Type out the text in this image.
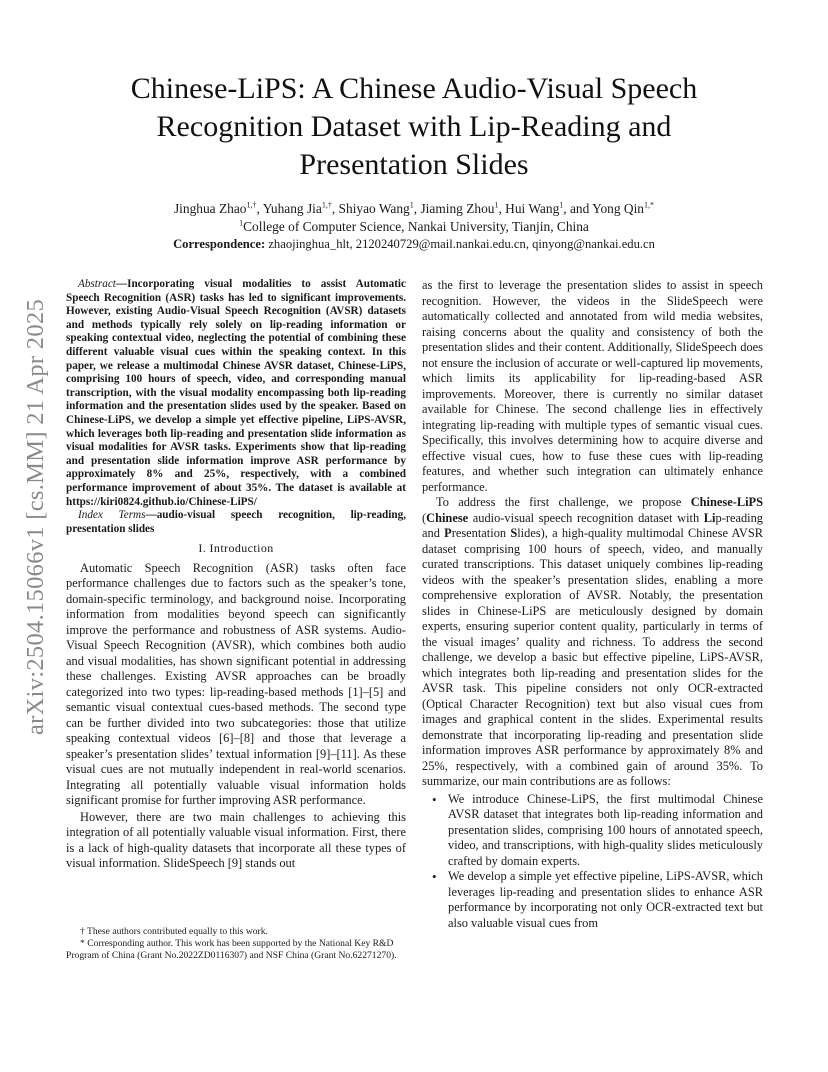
arXiv:2504.15066v1 [cs.MM] 21 Apr 2025
Chinese-LiPS: A Chinese Audio-Visual Speech
Recognition Dataset with Lip-Reading and
Presentation Slides
Jinghua Zhao$^{1,\dagger}$, Yuhang Jia$^{1,\dagger}$, Shiyao Wang$^1$, Jiaming Zhou$^1$, Hui Wang$^1$, and Yong Qin$^{1,*}$
$^1$College of Computer Science, Nankai University, Tianjin, China
Correspondence: zhaojinghua_hlt, 2120240729@mail.nankai.edu.cn, qinyong@nankai.edu.cn

Abstract—Incorporating visual modalities to assist Automatic Speech Recognition (ASR) tasks has led to significant improvements. However, existing Audio-Visual Speech Recognition (AVSR) datasets and methods typically rely solely on lip-reading information or speaking contextual video, neglecting the potential of combining these different valuable visual cues within the speaking context. In this paper, we release a multimodal Chinese AVSR dataset, Chinese-LiPS, comprising 100 hours of speech, video, and corresponding manual transcription, with the visual modality encompassing both lip-reading information and the presentation slides used by the speaker. Based on Chinese-LiPS, we develop a simple yet effective pipeline, LiPS-AVSR, which leverages both lip-reading and presentation slide information as visual modalities for AVSR tasks. Experiments show that lip-reading and presentation slide information improve ASR performance by approximately 8% and 25%, respectively, with a combined performance improvement of about 35%. The dataset is available at https://kiri0824.github.io/Chinese-LiPS/

Index Terms—audio-visual speech recognition, lip-reading, presentation slides

I. Introduction

Automatic Speech Recognition (ASR) tasks often face performance challenges due to factors such as the speaker’s tone, domain-specific terminology, and background noise. Incorporating information from modalities beyond speech can significantly improve the performance and robustness of ASR systems. Audio-Visual Speech Recognition (AVSR), which combines both audio and visual modalities, has shown significant potential in addressing these challenges. Existing AVSR approaches can be broadly categorized into two types: lip-reading-based methods [1]–[5] and semantic visual contextual cues-based methods. The second type can be further divided into two subcategories: those that utilize speaking contextual videos [6]–[8] and those that leverage a speaker’s presentation slides’ textual information [9]–[11]. As these visual cues are not mutually independent in real-world scenarios. Integrating all potentially valuable visual information holds significant promise for further improving ASR performance.

However, there are two main challenges to achieving this integration of all potentially valuable visual information. First, there is a lack of high-quality datasets that incorporate all these types of visual information. SlideSpeech [9] stands out

† These authors contributed equally to this work.

* Corresponding author. This work has been supported by the National Key R&D Program of China (Grant No.2022ZD0116307) and NSF China (Grant No.62271270).

as the first to leverage the presentation slides to assist in speech recognition. However, the videos in the SlideSpeech were automatically collected and annotated from wild media websites, raising concerns about the quality and consistency of both the presentation slides and their content. Additionally, SlideSpeech does not ensure the inclusion of accurate or well-captured lip movements, which limits its applicability for lip-reading-based ASR improvements. Moreover, there is currently no similar dataset available for Chinese. The second challenge lies in effectively integrating lip-reading with multiple types of semantic visual cues. Specifically, this involves determining how to acquire diverse and effective visual cues, how to fuse these cues with lip-reading features, and whether such integration can ultimately enhance performance.

To address the first challenge, we propose Chinese-LiPS (Chinese audio-visual speech recognition dataset with Lip-reading and Presentation Slides), a high-quality multimodal Chinese AVSR dataset comprising 100 hours of speech, video, and manually curated transcriptions. This dataset uniquely combines lip-reading videos with the speaker’s presentation slides, enabling a more comprehensive exploration of AVSR. Notably, the presentation slides in Chinese-LiPS are meticulously designed by domain experts, ensuring superior content quality, particularly in terms of the visual images’ quality and richness. To address the second challenge, we develop a basic but effective pipeline, LiPS-AVSR, which integrates both lip-reading and presentation slides for the AVSR task. This pipeline considers not only OCR-extracted (Optical Character Recognition) text but also visual cues from images and graphical content in the slides. Experimental results demonstrate that incorporating lip-reading and presentation slide information improves ASR performance by approximately 8% and 25%, respectively, with a combined gain of around 35%. To summarize, our main contributions are as follows:

• We introduce Chinese-LiPS, the first multimodal Chinese AVSR dataset that integrates both lip-reading information and presentation slides, comprising 100 hours of annotated speech, video, and transcriptions, with high-quality slides meticulously crafted by domain experts.
• We develop a simple yet effective pipeline, LiPS-AVSR, which leverages lip-reading and presentation slides to enhance ASR performance by incorporating not only OCR-extracted text but also valuable visual cues from
